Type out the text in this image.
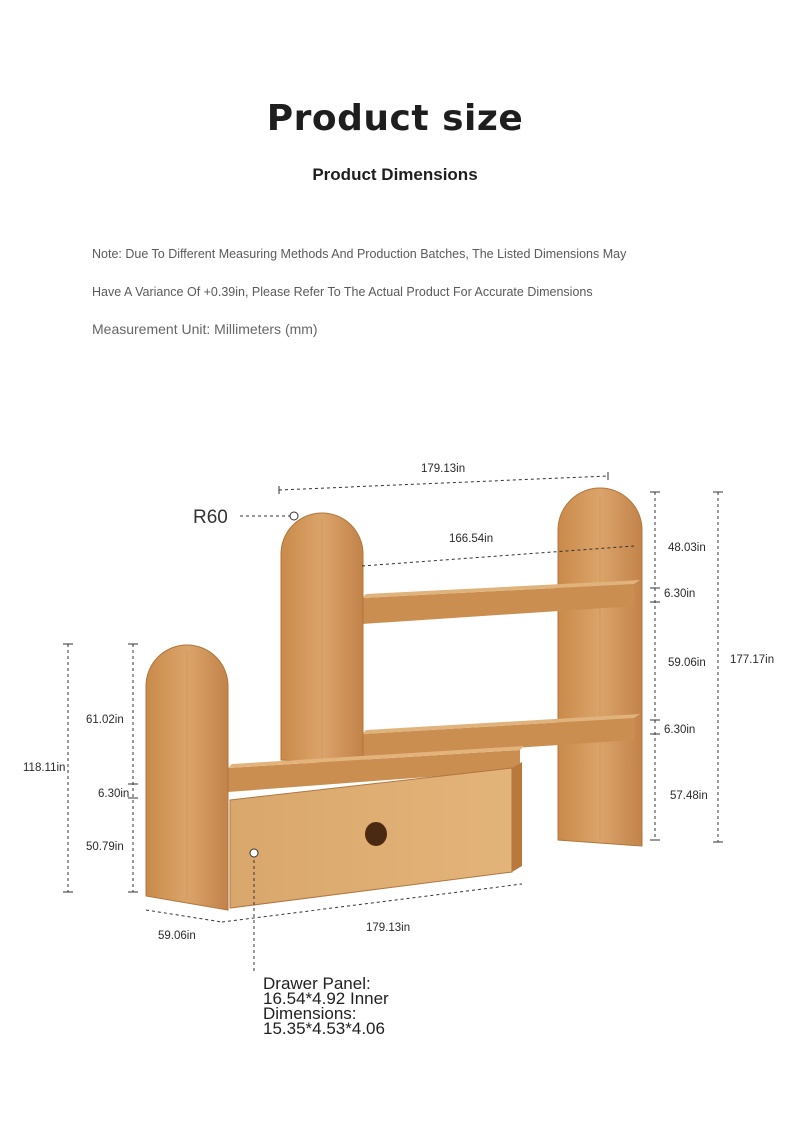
Product size
Product Dimensions
Note: Due To Different Measuring Methods And Production Batches, The Listed Dimensions May
Have A Variance Of +0.39in, Please Refer To The Actual Product For Accurate Dimensions
Measurement Unit: Millimeters (mm)
R60
179.13in
166.54in
48.03in
6.30in
59.06in
6.30in
57.48in
177.17in
61.02in
118.11in
6.30in
50.79in
59.06in
179.13in
Drawer Panel:
16.54*4.92 Inner
Dimensions:
15.35*4.53*4.06
